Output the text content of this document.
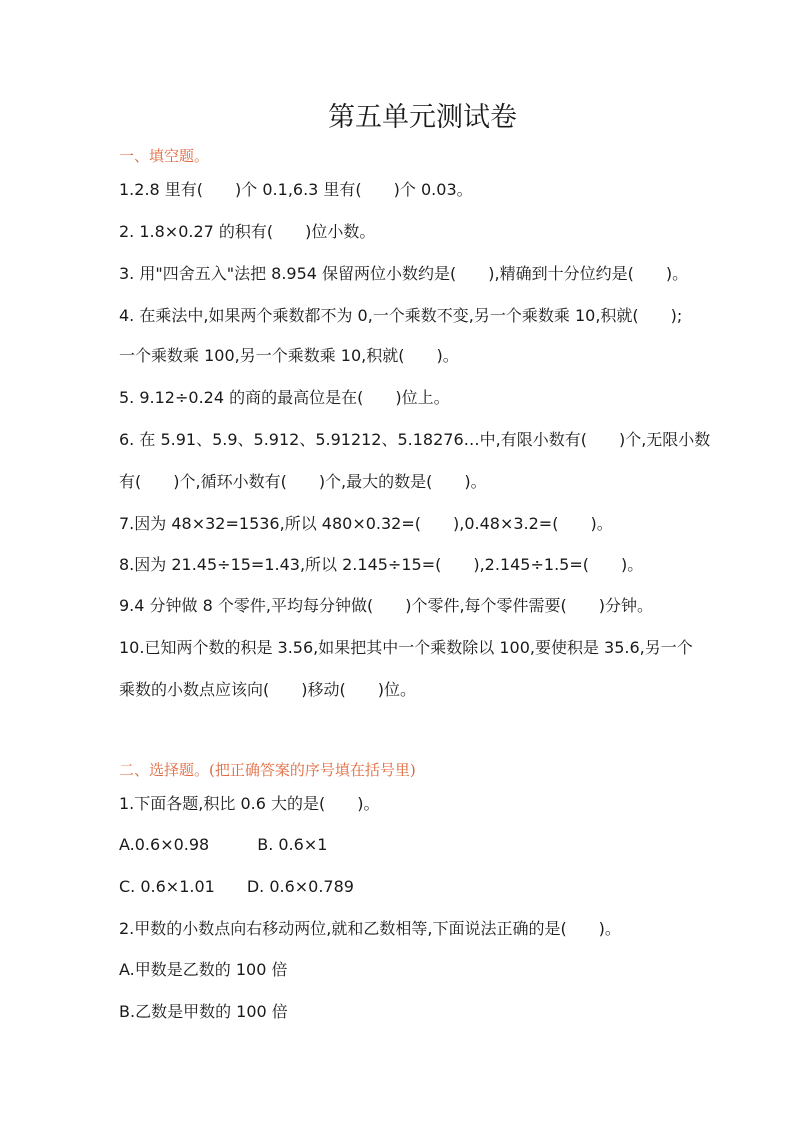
第五单元测试卷
一、填空题。
1.2.8 里有(　　)个 0.1,6.3 里有(　　)个 0.03。
2. 1.8×0.27 的积有(　　)位小数。
3. 用"四舍五入"法把 8.954 保留两位小数约是(　　),精确到十分位约是(　　)。
4. 在乘法中,如果两个乘数都不为 0,一个乘数不变,另一个乘数乘 10,积就(　　);
一个乘数乘 100,另一个乘数乘 10,积就(　　)。
5. 9.12÷0.24 的商的最高位是在(　　)位上。
6. 在 5.91、5.9、5.912、5.91212、5.18276…中,有限小数有(　　)个,无限小数
有(　　)个,循环小数有(　　)个,最大的数是(　　)。
7.因为 48×32=1536,所以 480×0.32=(　　),0.48×3.2=(　　)。
8.因为 21.45÷15=1.43,所以 2.145÷15=(　　),2.145÷1.5=(　　)。
9.4 分钟做 8 个零件,平均每分钟做(　　)个零件,每个零件需要(　　)分钟。
10.已知两个数的积是 3.56,如果把其中一个乘数除以 100,要使积是 35.6,另一个
乘数的小数点应该向(　　)移动(　　)位。
二、选择题。(把正确答案的序号填在括号里)
1.下面各题,积比 0.6 大的是(　　)。
A.0.6×0.98　　　B. 0.6×1
C. 0.6×1.01　　D. 0.6×0.789
2.甲数的小数点向右移动两位,就和乙数相等,下面说法正确的是(　　)。
A.甲数是乙数的 100 倍
B.乙数是甲数的 100 倍
